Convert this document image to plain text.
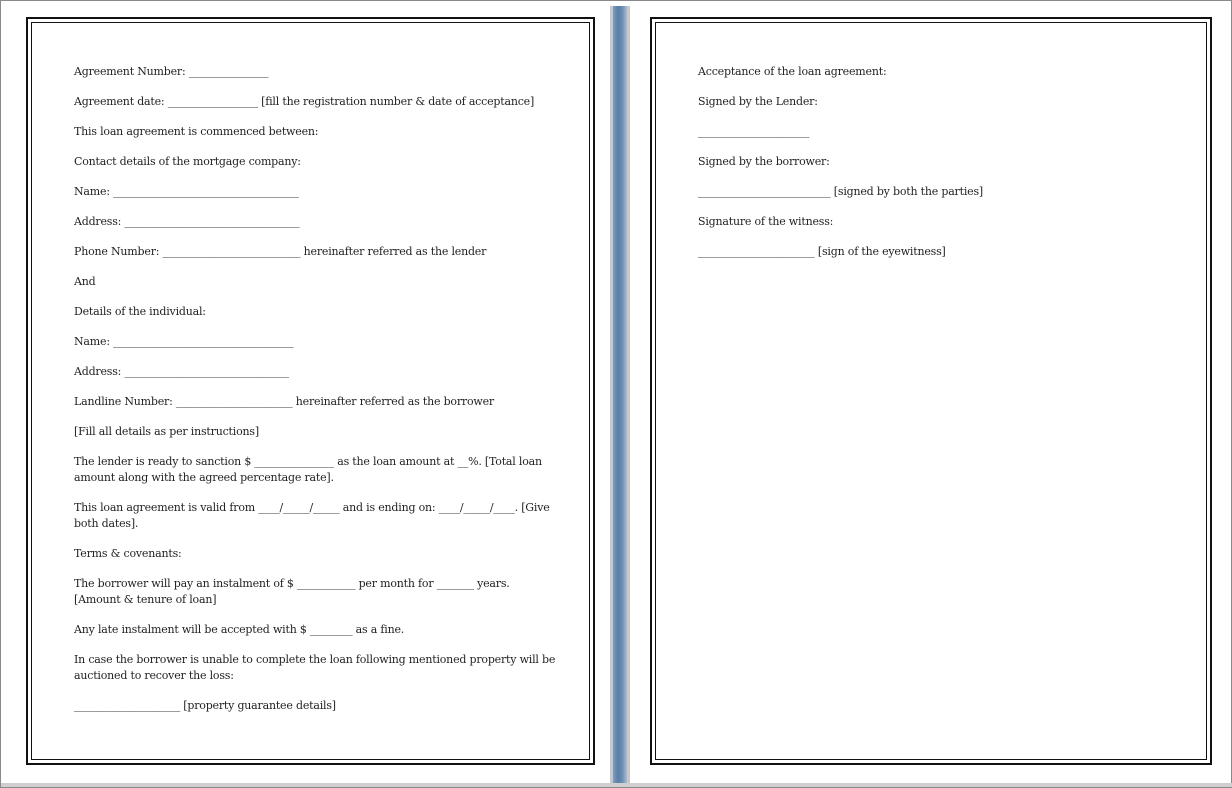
Agreement Number: _______________

Agreement date: _________________ [fill the registration number & date of acceptance]

This loan agreement is commenced between:

Contact details of the mortgage company:

Name: ___________________________________

Address: _________________________________

Phone Number: __________________________ hereinafter referred as the lender

And

Details of the individual:

Name: __________________________________

Address: _______________________________

Landline Number: ______________________ hereinafter referred as the borrower

[Fill all details as per instructions]

The lender is ready to sanction $ _______________ as the loan amount at __%. [Total loan amount along with the agreed percentage rate].

This loan agreement is valid from ____/_____/_____ and is ending on: ____/_____/____. [Give both dates].

Terms & covenants:

The borrower will pay an instalment of $ ___________ per month for _______ years. [Amount & tenure of loan]

Any late instalment will be accepted with $ ________ as a fine.

In case the borrower is unable to complete the loan following mentioned property will be auctioned to recover the loss:

____________________ [property guarantee details]

Acceptance of the loan agreement:

Signed by the Lender:

_____________________

Signed by the borrower:

_________________________ [signed by both the parties]

Signature of the witness:

______________________ [sign of the eyewitness]
